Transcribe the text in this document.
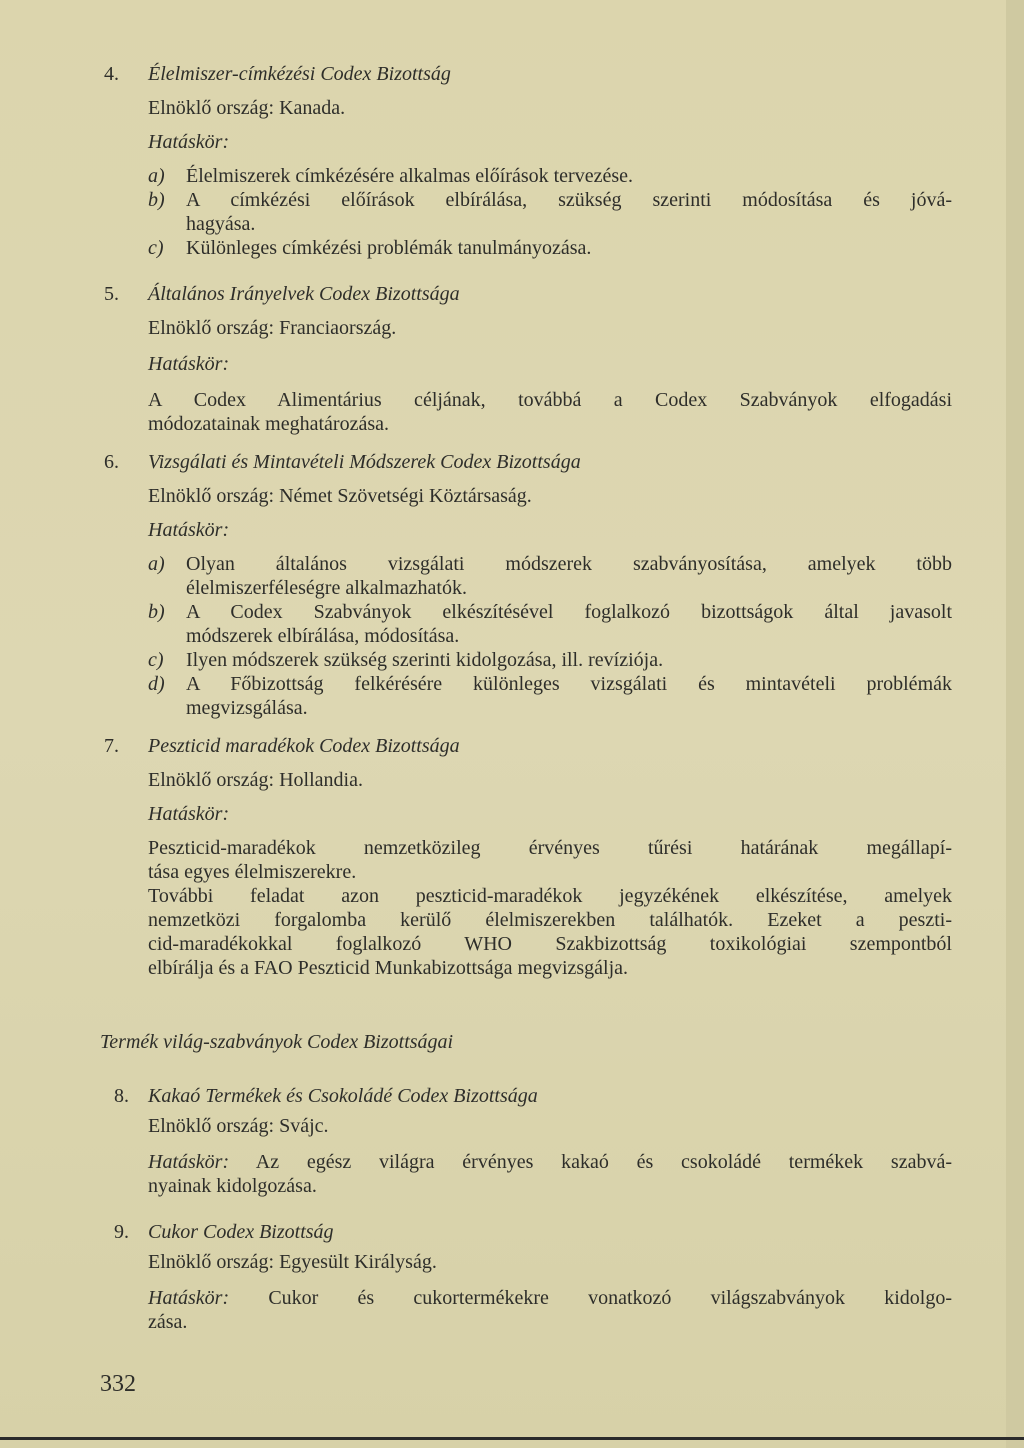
4.	Élelmiszer-címkézési Codex Bizottság
Elnöklő ország: Kanada.
Hatáskör:
a)	Élelmiszerek címkézésére alkalmas előírások tervezése.
b)	A címkézési előírások elbírálása, szükség szerinti módosítása és jóvá-
hagyása.
c)	Különleges címkézési problémák tanulmányozása.
5.	Általános Irányelvek Codex Bizottsága
Elnöklő ország: Franciaország.
Hatáskör:
A Codex Alimentárius céljának, továbbá a Codex Szabványok elfogadási
módozatainak meghatározása.
6.	Vizsgálati és Mintavételi Módszerek Codex Bizottsága
Elnöklő ország: Német Szövetségi Köztársaság.
Hatáskör:
a)	Olyan általános vizsgálati módszerek szabványosítása, amelyek több
élelmiszerféleségre alkalmazhatók.
b)	A Codex Szabványok elkészítésével foglalkozó bizottságok által javasolt
módszerek elbírálása, módosítása.
c)	Ilyen módszerek szükség szerinti kidolgozása, ill. revíziója.
d)	A Főbizottság felkérésére különleges vizsgálati és mintavételi problémák
megvizsgálása.
7.	Peszticid maradékok Codex Bizottsága
Elnöklő ország: Hollandia.
Hatáskör:
Peszticid-maradékok nemzetközileg érvényes tűrési határának megállapí-
tása egyes élelmiszerekre.
További feladat azon peszticid-maradékok jegyzékének elkészítése, amelyek
nemzetközi forgalomba kerülő élelmiszerekben találhatók. Ezeket a peszti-
cid-maradékokkal foglalkozó WHO Szakbizottság toxikológiai szempontból
elbírálja és a FAO Peszticid Munkabizottsága megvizsgálja.
Termék világ-szabványok Codex Bizottságai
8. Kakaó Termékek és Csokoládé Codex Bizottsága
Elnöklő ország: Svájc.
Hatáskör: Az egész világra érvényes kakaó és csokoládé termékek szabvá-
nyainak kidolgozása.
9. Cukor Codex Bizottság
Elnöklő ország: Egyesült Királyság.
Hatáskör: Cukor és cukortermékekre vonatkozó világszabványok kidolgo-
zása.
332
